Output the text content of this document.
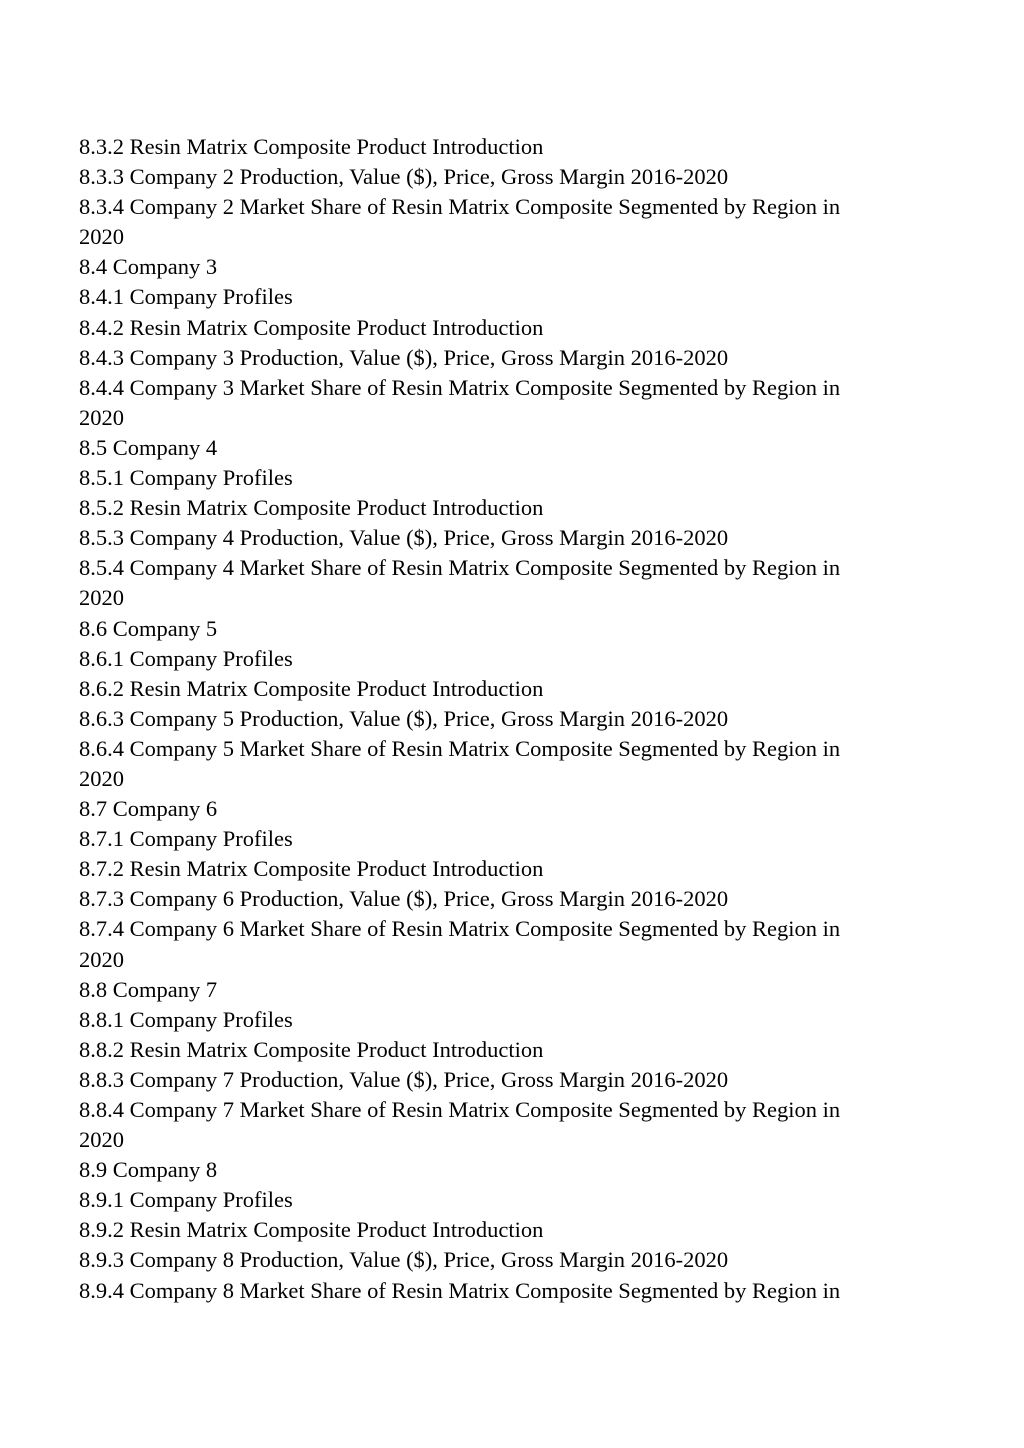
8.3.2 Resin Matrix Composite Product Introduction
8.3.3 Company 2 Production, Value ($), Price, Gross Margin 2016-2020
8.3.4 Company 2 Market Share of Resin Matrix Composite Segmented by Region in
2020
8.4 Company 3
8.4.1 Company Profiles
8.4.2 Resin Matrix Composite Product Introduction
8.4.3 Company 3 Production, Value ($), Price, Gross Margin 2016-2020
8.4.4 Company 3 Market Share of Resin Matrix Composite Segmented by Region in
2020
8.5 Company 4
8.5.1 Company Profiles
8.5.2 Resin Matrix Composite Product Introduction
8.5.3 Company 4 Production, Value ($), Price, Gross Margin 2016-2020
8.5.4 Company 4 Market Share of Resin Matrix Composite Segmented by Region in
2020
8.6 Company 5
8.6.1 Company Profiles
8.6.2 Resin Matrix Composite Product Introduction
8.6.3 Company 5 Production, Value ($), Price, Gross Margin 2016-2020
8.6.4 Company 5 Market Share of Resin Matrix Composite Segmented by Region in
2020
8.7 Company 6
8.7.1 Company Profiles
8.7.2 Resin Matrix Composite Product Introduction
8.7.3 Company 6 Production, Value ($), Price, Gross Margin 2016-2020
8.7.4 Company 6 Market Share of Resin Matrix Composite Segmented by Region in
2020
8.8 Company 7
8.8.1 Company Profiles
8.8.2 Resin Matrix Composite Product Introduction
8.8.3 Company 7 Production, Value ($), Price, Gross Margin 2016-2020
8.8.4 Company 7 Market Share of Resin Matrix Composite Segmented by Region in
2020
8.9 Company 8
8.9.1 Company Profiles
8.9.2 Resin Matrix Composite Product Introduction
8.9.3 Company 8 Production, Value ($), Price, Gross Margin 2016-2020
8.9.4 Company 8 Market Share of Resin Matrix Composite Segmented by Region in
